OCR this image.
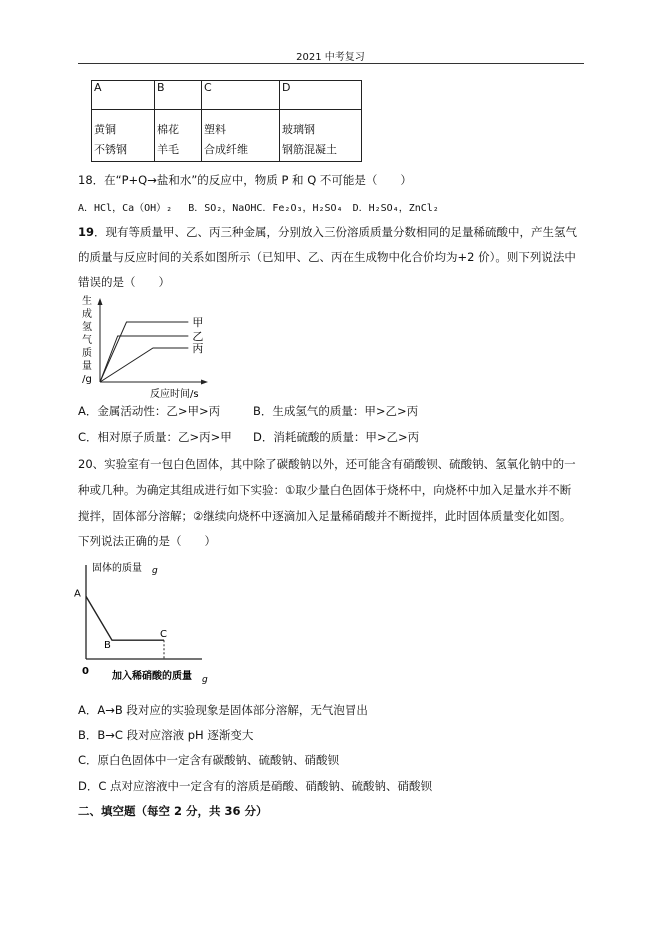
2021 中考复习
A	B	C	D
黄铜	棉花	塑料	玻璃钢
不锈钢	羊毛	合成纤维	钢筋混凝土
18．在“P+Q→盐和水”的反应中，物质 P 和 Q 不可能是（　　）
A．HCl，Ca（OH）₂　 B．SO₂，NaOHC．Fe₂O₃，H₂SO₄　D．H₂SO₄，ZnCl₂
19．现有等质量甲、乙、丙三种金属，分别放入三份溶质质量分数相同的足量稀硫酸中，产生氢气
的质量与反应时间的关系如图所示（已知甲、乙、丙在生成物中化合价均为+2 价）。则下列说法中
错误的是（　　）
生
成
氢
气
质
量
/g
甲
乙
丙
反应时间/s
A．金属活动性：乙>甲>丙	B．生成氢气的质量：甲>乙>丙
C．相对原子质量：乙>丙>甲 D．消耗硫酸的质量：甲>乙>丙
20、实验室有一包白色固体，其中除了碳酸钠以外，还可能含有硝酸钡、硫酸钠、氢氧化钠中的一
种或几种。为确定其组成进行如下实验：①取少量白色固体于烧杯中，向烧杯中加入足量水并不断
搅拌，固体部分溶解；②继续向烧杯中逐滴加入足量稀硝酸并不断搅拌，此时固体质量变化如图。
下列说法正确的是（　　）
固体的质量 g
0
A
B
C
加入稀硝酸的质量 g
A．A→B 段对应的实验现象是固体部分溶解，无气泡冒出
B．B→C 段对应溶液 pH 逐渐变大
C．原白色固体中一定含有碳酸钠、硫酸钠、硝酸钡
D．C 点对应溶液中一定含有的溶质是硝酸、硝酸钠、硫酸钠、硝酸钡
二、填空题（每空 2 分，共 36 分）
